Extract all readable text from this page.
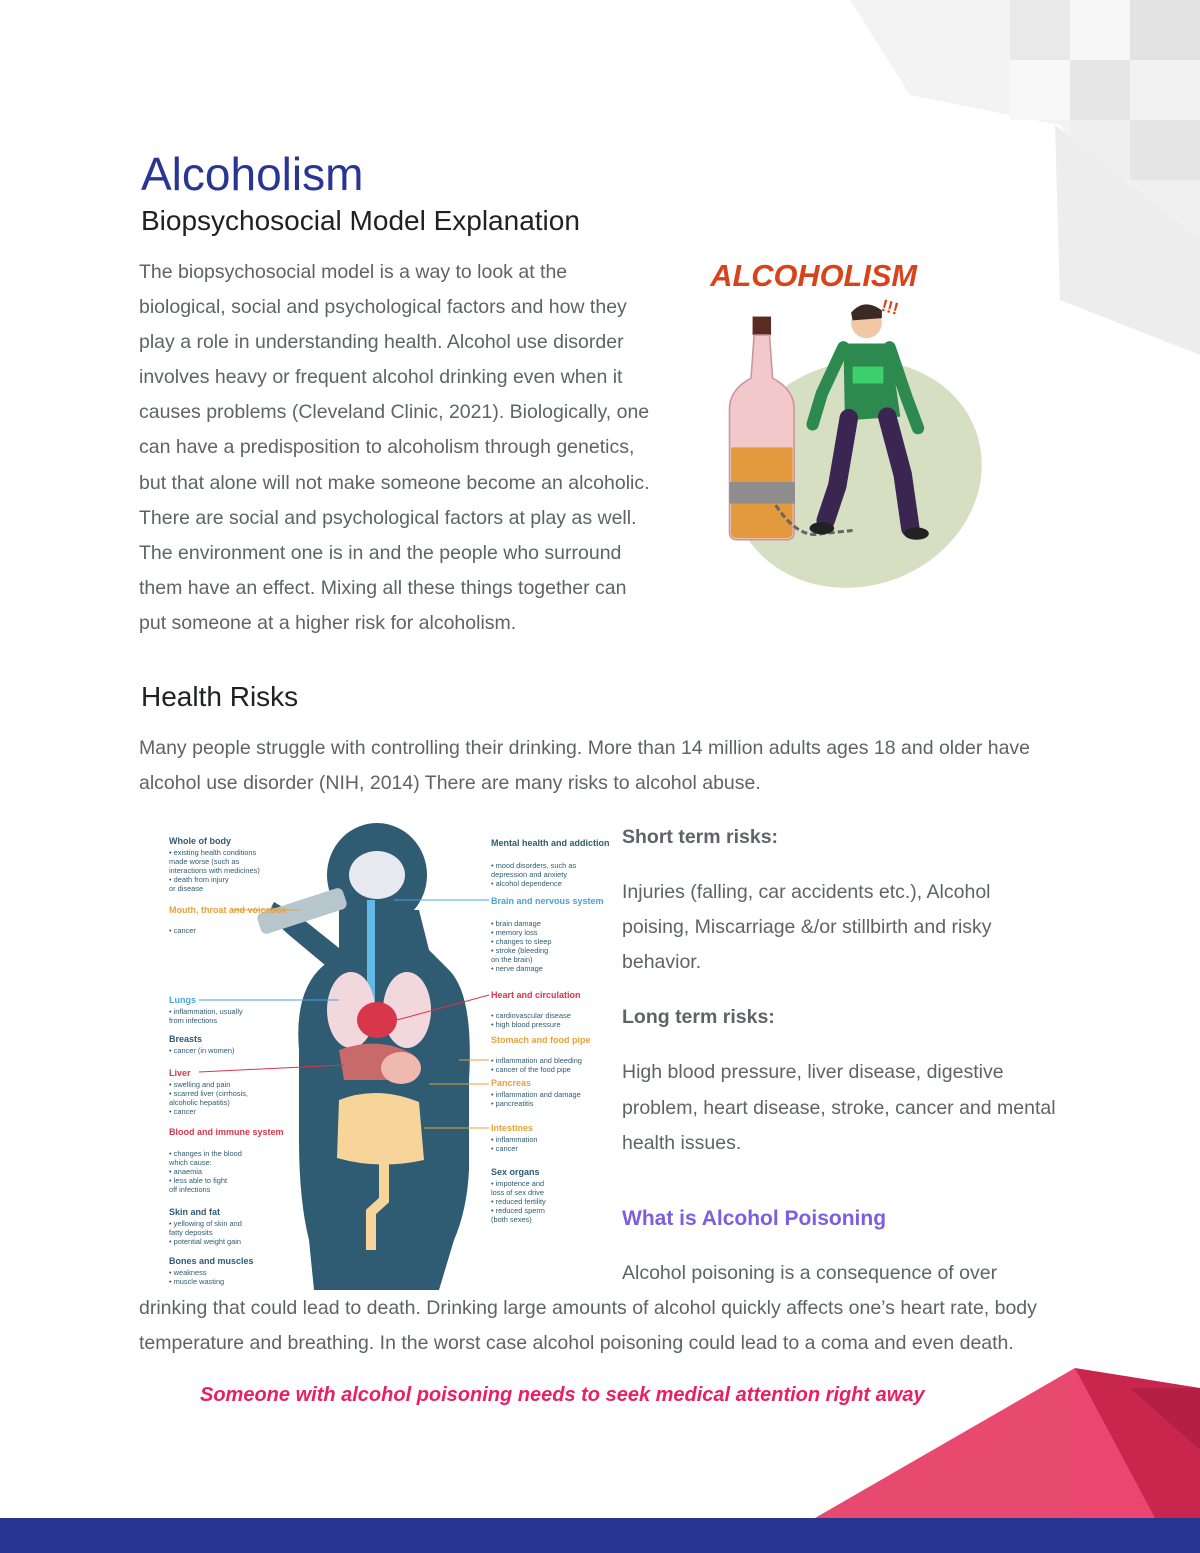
Alcoholism
Biopsychosocial Model Explanation

ALCOHOLISM
!!!
The biopsychosocial model is a way to look at the biological, social and psychological factors and how they play a role in understanding health. Alcohol use disorder involves heavy or frequent alcohol drinking even when it causes problems (Cleveland Clinic, 2021). Biologically, one can have a predisposition to alcoholism through genetics, but that alone will not make someone become an alcoholic. There are social and psychological factors at play as well. The environment one is in and the people who surround them have an effect. Mixing all these things together can put someone at a higher risk for alcoholism.

Health Risks

Many people struggle with controlling their drinking. More than 14 million adults ages 18 and older have alcohol use disorder (NIH, 2014) There are many risks to alcohol abuse.

Whole of body
• existing health conditions
made worse (such as
interactions with medicines)
• death from injury
or disease
Mouth, throat and voicebox
• cancer
Lungs
• inflammation, usually
from infections
Breasts
• cancer (in women)
Liver
• swelling and pain
• scarred liver (cirrhosis,
alcoholic hepatitis)
• cancer
Blood and immune system
• changes in the blood
which cause:
• anaemia
• less able to fight
off infections
Skin and fat
• yellowing of skin and
fatty deposits
• potential weight gain
Bones and muscles
• weakness
• muscle wasting
Mental health and addiction
• mood disorders, such as
depression and anxiety
• alcohol dependence
Brain and nervous system
• brain damage
• memory loss
• changes to sleep
• stroke (bleeding
on the brain)
• nerve damage
Heart and circulation
• cardiovascular disease
• high blood pressure
Stomach and food pipe
• inflammation and bleeding
• cancer of the food pipe
Pancreas
• inflammation and damage
• pancreatitis
Intestines
• inflammation
• cancer
Sex organs
• impotence and
loss of sex drive
• reduced fertility
• reduced sperm
(both sexes)

Short term risks:

Injuries (falling, car accidents etc.), Alcohol poising, Miscarriage &/or stillbirth and risky behavior.

Long term risks:

High blood pressure, liver disease, digestive problem, heart disease, stroke, cancer and mental health issues.

What is Alcohol Poisoning

Alcohol poisoning is a consequence of over drinking that could lead to death. Drinking large amounts of alcohol quickly affects one’s heart rate, body temperature and breathing. In the worst case alcohol poisoning could lead to a coma and even death.

Someone with alcohol poisoning needs to seek medical attention right away
